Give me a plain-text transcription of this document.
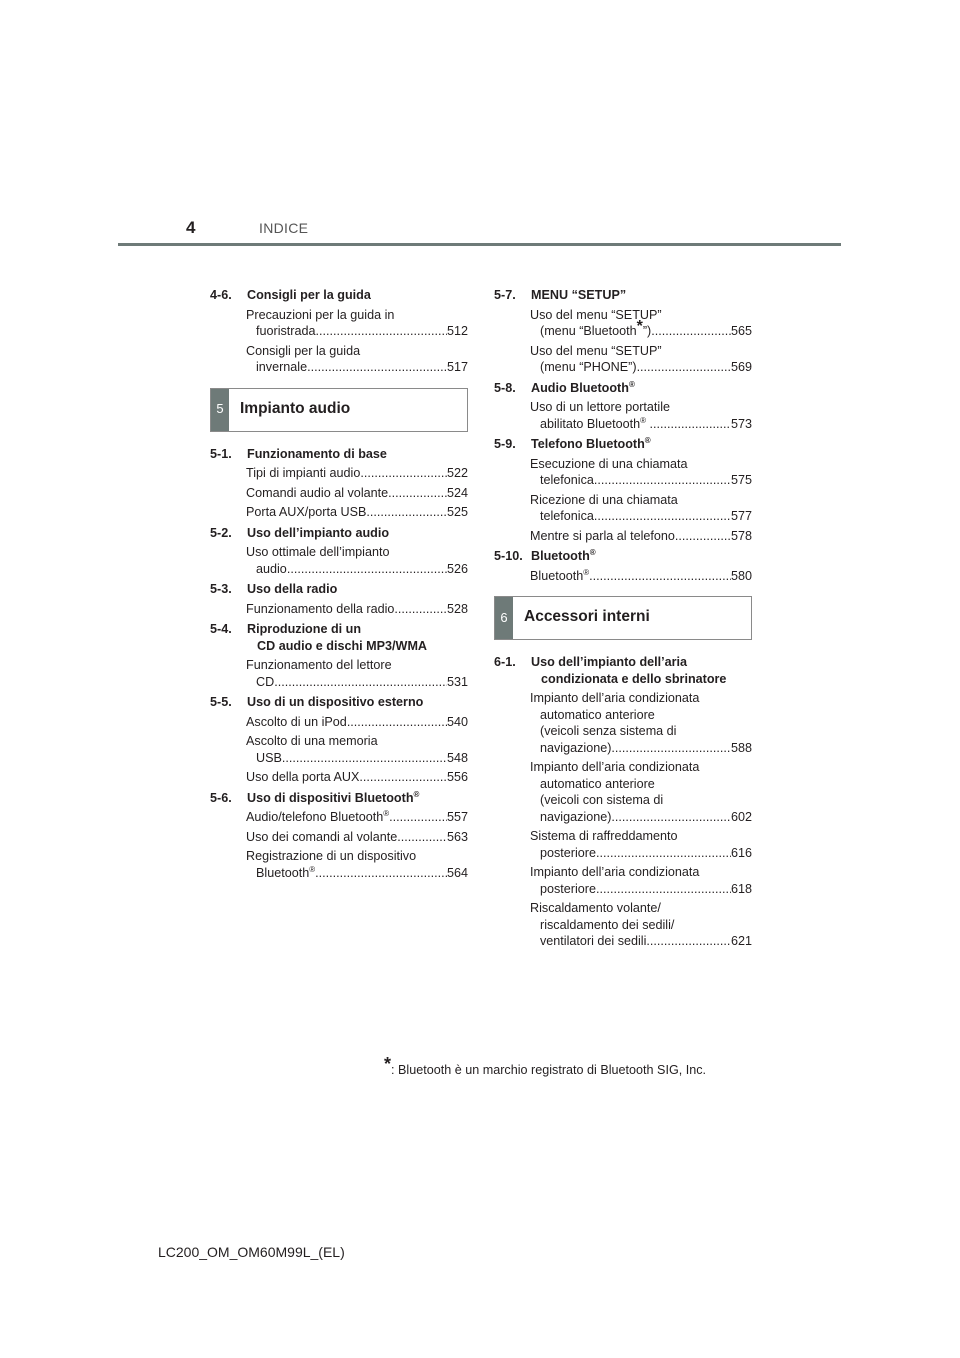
4	INDICE
4-6. Consigli per la guida
Precauzioni per la guida in
fuoristrada .....	512
Consigli per la guida
invernale .....	517
5	Impianto audio
5-1. Funzionamento di base
Tipi di impianti audio .....	522
Comandi audio al volante .....	524
Porta AUX/porta USB .....	525
5-2. Uso dell’impianto audio
Uso ottimale dell’impianto
audio .....	526
5-3. Uso della radio
Funzionamento della radio .....	528
5-4. Riproduzione di un
CD audio e dischi MP3/WMA
Funzionamento del lettore
CD .....	531
5-5. Uso di un dispositivo esterno
Ascolto di un iPod .....	540
Ascolto di una memoria
USB .....	548
Uso della porta AUX .....	556
5-6. Uso di dispositivi Bluetooth®
Audio/telefono Bluetooth® .....	557
Uso dei comandi al volante .....	563
Registrazione di un dispositivo
Bluetooth® .....	564
5-7. MENU “SETUP”
Uso del menu “SETUP”
(menu “Bluetooth*”) .....	565
Uso del menu “SETUP”
(menu “PHONE”) .....	569
5-8. Audio Bluetooth®
Uso di un lettore portatile
abilitato Bluetooth® .....	573
5-9. Telefono Bluetooth®
Esecuzione di una chiamata
telefonica .....	575
Ricezione di una chiamata
telefonica .....	577
Mentre si parla al telefono .....	578
5-10. Bluetooth®
Bluetooth® .....	580
6	Accessori interni
6-1. Uso dell’impianto dell’aria
condizionata e dello sbrinatore
Impianto dell’aria condizionata
automatico anteriore
(veicoli senza sistema di
navigazione) .....	588
Impianto dell’aria condizionata
automatico anteriore
(veicoli con sistema di
navigazione) .....	602
Sistema di raffreddamento
posteriore .....	616
Impianto dell’aria condizionata
posteriore .....	618
Riscaldamento volante/
riscaldamento dei sedili/
ventilatori dei sedili .....	621
*: Bluetooth è un marchio registrato di Bluetooth SIG, Inc.
LC200_OM_OM60M99L_(EL)
